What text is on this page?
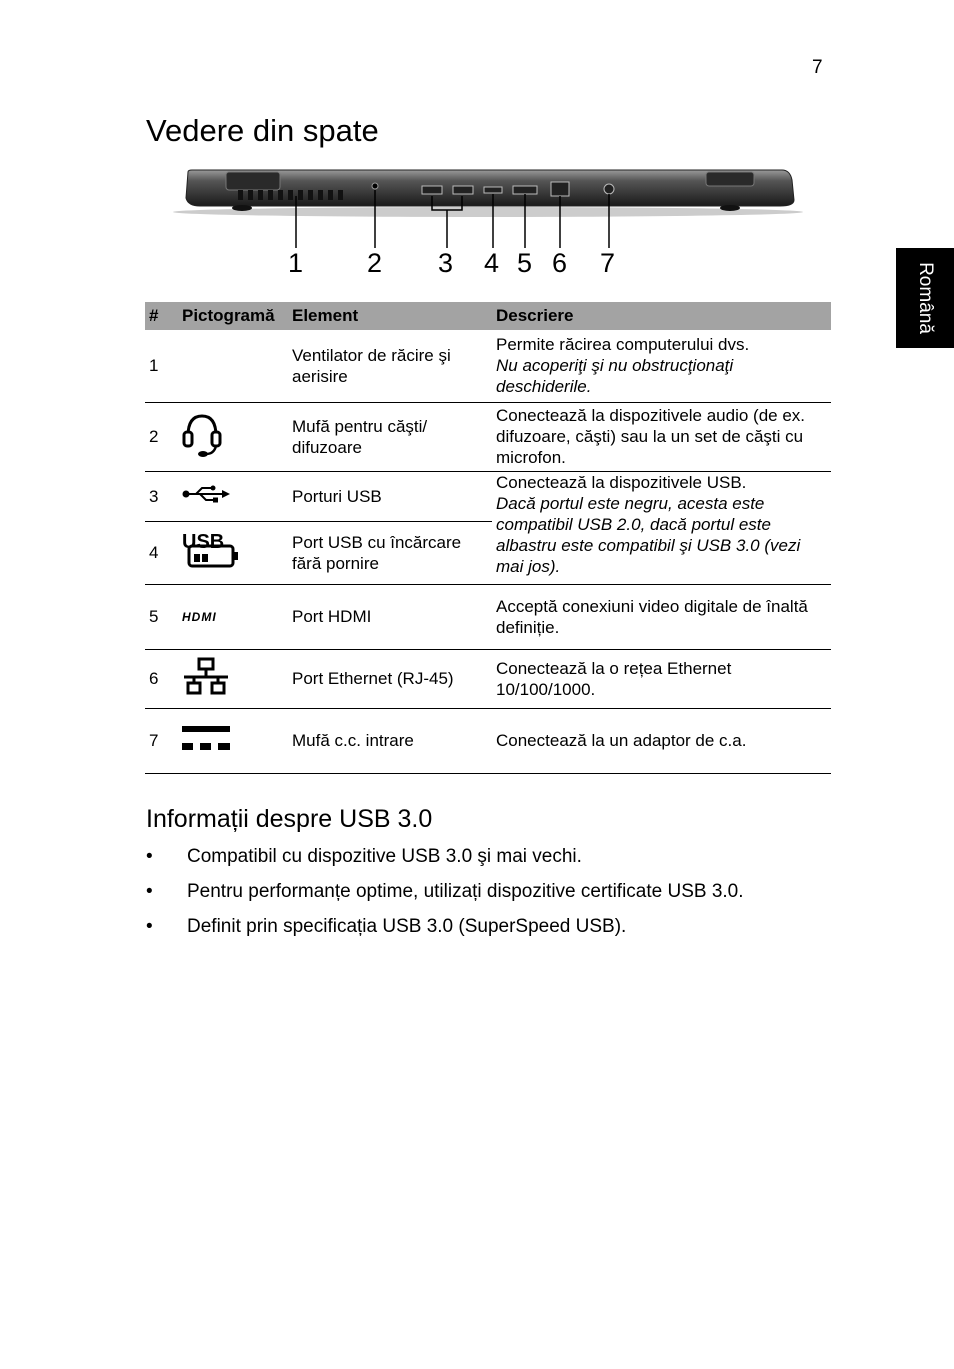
7
Vedere din spate
Română
1 2 3 4 5 6 7
#	Pictogramă	Element	Descriere
1		Ventilator de răcire şi aerisire	Permite răcirea computerului dvs.
Nu acoperiţi şi nu obstrucţionaţi deschiderile.

2		Mufă pentru căşti/ difuzoare	Conectează la dispozitivele audio (de ex. difuzoare, căşti) sau la un set de căşti cu microfon.
3		Porturi USB	Conectează la dispozitivele USB.
Dacă portul este negru, acesta este compatibil USB 2.0, dacă portul este albastru este compatibil şi USB 3.0 (vezi mai jos).

4	USB	Port USB cu încărcare fără pornire	
5	HDMI	Port HDMI	Acceptă conexiuni video digitale de înaltă definiție.
6		Port Ethernet (RJ-45)	Conectează la o rețea Ethernet 10/100/1000.
7		Mufă c.c. intrare	Conectează la un adaptor de c.a.
Informații despre USB 3.0
• Compatibil cu dispozitive USB 3.0 şi mai vechi.
• Pentru performanțe optime, utilizați dispozitive certificate USB 3.0.
• Definit prin specificația USB 3.0 (SuperSpeed USB).
